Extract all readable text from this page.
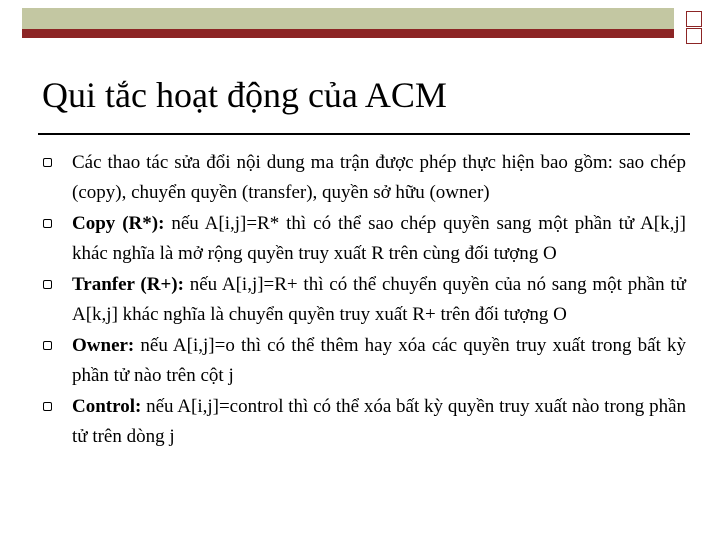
Qui tắc hoạt động của ACM
Các thao tác sửa đổi nội dung ma trận được phép thực hiện bao gồm: sao chép (copy), chuyển quyền (transfer), quyền sở hữu (owner)
Copy (R*): nếu A[i,j]=R* thì có thể sao chép quyền sang một phần tử A[k,j] khác nghĩa là mở rộng quyền truy xuất R trên cùng đối tượng O
Tranfer (R+): nếu A[i,j]=R+ thì có thể chuyển quyền của nó sang một phần tử A[k,j] khác nghĩa là chuyển quyền truy xuất R+ trên đối tượng O
Owner: nếu A[i,j]=o thì có thể thêm hay xóa các quyền truy xuất trong bất kỳ phần tử nào trên cột j
Control: nếu A[i,j]=control thì có thể xóa bất kỳ quyền truy xuất nào trong phần tử trên dòng j
